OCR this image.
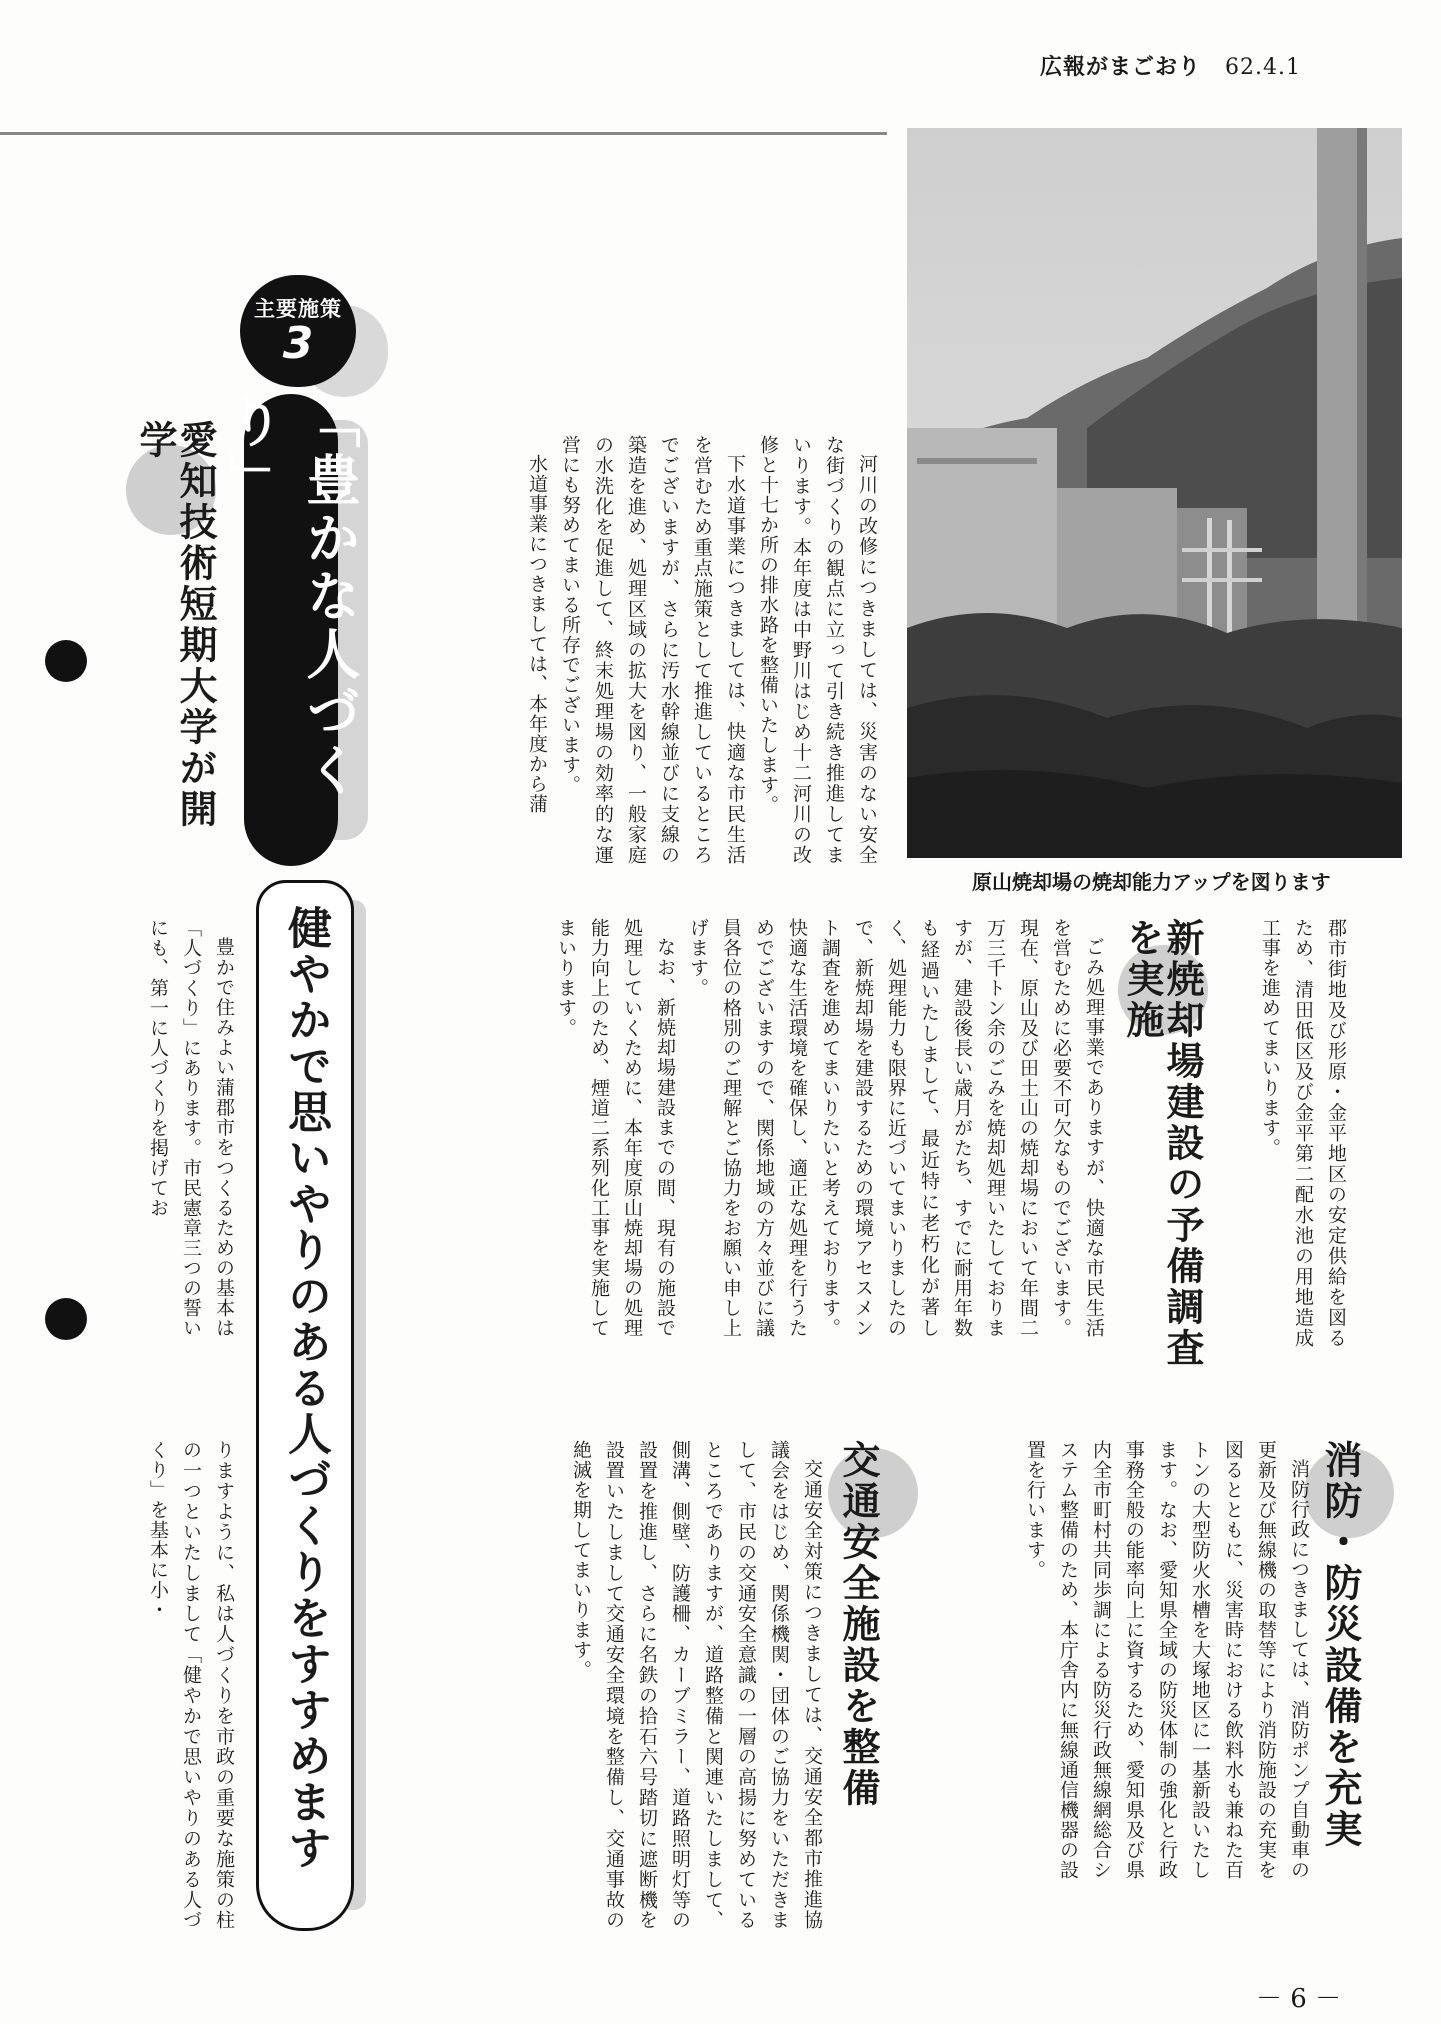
広報がまごおり 62.4.1
原山焼却場の焼却能力アップを図ります
主要施策
3
「豊かな人づくり」
健やかで思いやりのある人づくりをすすめます
愛知技術短期大学が開学

河川の改修につきましては、災害のない安全な街づくりの観点に立って引き続き推進してまいります。本年度は中野川はじめ十二河川の改修と十七か所の排水路を整備いたします。

下水道事業につきましては、快適な市民生活を営むため重点施策として推進しているところでございますが、さらに汚水幹線並びに支線の築造を進め、処理区域の拡大を図り、一般家庭の水洗化を促進して、終末処理場の効率的な運営にも努めてまいる所存でございます。

水道事業につきましては、本年度から蒲

郡市街地及び形原・金平地区の安定供給を図るため、清田低区及び金平第二配水池の用地造成工事を進めてまいります。

新焼却場建設の予備調査を実施

ごみ処理事業でありますが、快適な市民生活を営むために必要不可欠なものでございます。現在、原山及び田土山の焼却場において年間二万三千トン余のごみを焼却処理いたしておりますが、建設後長い歳月がたち、すでに耐用年数も経過いたしまして、最近特に老朽化が著しく、処理能力も限界に近づいてまいりましたので、新焼却場を建設するための環境アセスメント調査を進めてまいりたいと考えております。快適な生活環境を確保し、適正な処理を行うためでございますので、関係地域の方々並びに議員各位の格別のご理解とご協力をお願い申し上げます。

なお、新焼却場建設までの間、現有の施設で処理していくために、本年度原山焼却場の処理能力向上のため、煙道二系列化工事を実施してまいります。

豊かで住みよい蒲郡市をつくるための基本は「人づくり」にあります。市民憲章三つの誓いにも、第一に人づくりを掲げてお

消防・防災設備を充実

消防行政につきましては、消防ポンプ自動車の更新及び無線機の取替等により消防施設の充実を図るとともに、災害時における飲料水も兼ねた百トンの大型防火水槽を大塚地区に一基新設いたします。なお、愛知県全域の防災体制の強化と行政事務全般の能率向上に資するため、愛知県及び県内全市町村共同歩調による防災行政無線網総合システム整備のため、本庁舎内に無線通信機器の設置を行います。

交通安全施設を整備

交通安全対策につきましては、交通安全都市推進協議会をはじめ、関係機関・団体のご協力をいただきまして、市民の交通安全意識の一層の高揚に努めているところでありますが、道路整備と関連いたしまして、側溝、側壁、防護柵、カーブミラー、道路照明灯等の設置を推進し、さらに名鉄の拾石六号踏切に遮断機を設置いたしまして交通安全環境を整備し、交通事故の絶滅を期してまいります。

りますように、私は人づくりを市政の重要な施策の柱の一つといたしまして「健やかで思いやりのある人づくり」を基本に小・

－ 6 －
